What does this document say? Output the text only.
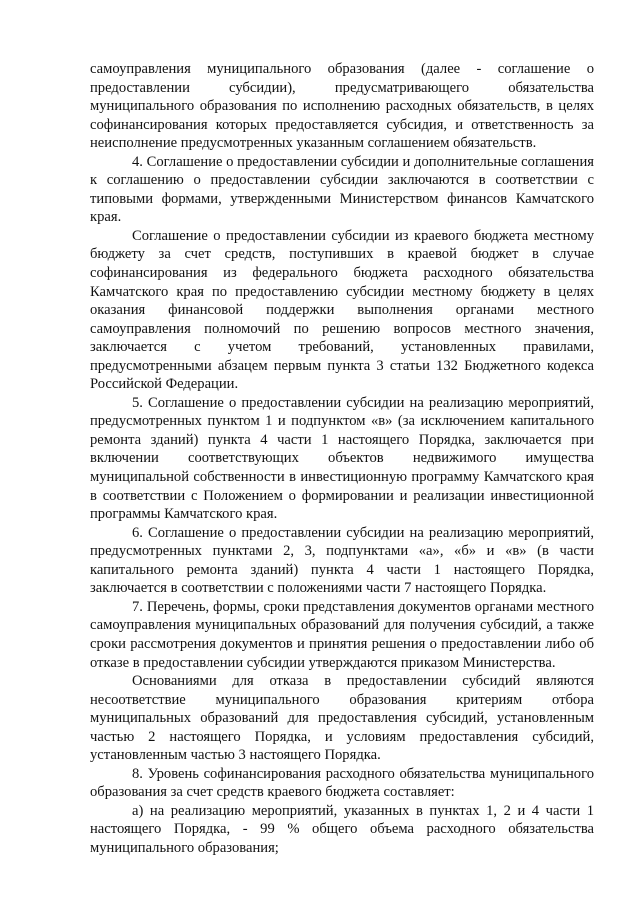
самоуправления муниципального образования (далее - соглашение о предоставлении субсидии), предусматривающего обязательства муниципального образования по исполнению расходных обязательств, в целях софинансирования которых предоставляется субсидия, и ответственность за неисполнение предусмотренных указанным соглашением обязательств.

4. Соглашение о предоставлении субсидии и дополнительные соглашения к соглашению о предоставлении субсидии заключаются в соответствии с типовыми формами, утвержденными Министерством финансов Камчатского края.

Соглашение о предоставлении субсидии из краевого бюджета местному бюджету за счет средств, поступивших в краевой бюджет в случае софинансирования из федерального бюджета расходного обязательства Камчатского края по предоставлению субсидии местному бюджету в целях оказания финансовой поддержки выполнения органами местного самоуправления полномочий по решению вопросов местного значения, заключается с учетом требований, установленных правилами, предусмотренными абзацем первым пункта 3 статьи 132 Бюджетного кодекса Российской Федерации.

5. Соглашение о предоставлении субсидии на реализацию мероприятий, предусмотренных пунктом 1 и подпунктом «в» (за исключением капитального ремонта зданий) пункта 4 части 1 настоящего Порядка, заключается при включении соответствующих объектов недвижимого имущества муниципальной собственности в инвестиционную программу Камчатского края в соответствии с Положением о формировании и реализации инвестиционной программы Камчатского края.

6. Соглашение о предоставлении субсидии на реализацию мероприятий, предусмотренных пунктами 2, 3, подпунктами «а», «б» и «в» (в части капитального ремонта зданий) пункта 4 части 1 настоящего Порядка, заключается в соответствии с положениями части 7 настоящего Порядка.

7. Перечень, формы, сроки представления документов органами местного самоуправления муниципальных образований для получения субсидий, а также сроки рассмотрения документов и принятия решения о предоставлении либо об отказе в предоставлении субсидии утверждаются приказом Министерства.

Основаниями для отказа в предоставлении субсидий являются несоответствие муниципального образования критериям отбора муниципальных образований для предоставления субсидий, установленным частью 2 настоящего Порядка, и условиям предоставления субсидий, установленным частью 3 настоящего Порядка.

8. Уровень софинансирования расходного обязательства муниципального образования за счет средств краевого бюджета составляет:

а) на реализацию мероприятий, указанных в пунктах 1, 2 и 4 части 1 настоящего Порядка, - 99 % общего объема расходного обязательства муниципального образования;
